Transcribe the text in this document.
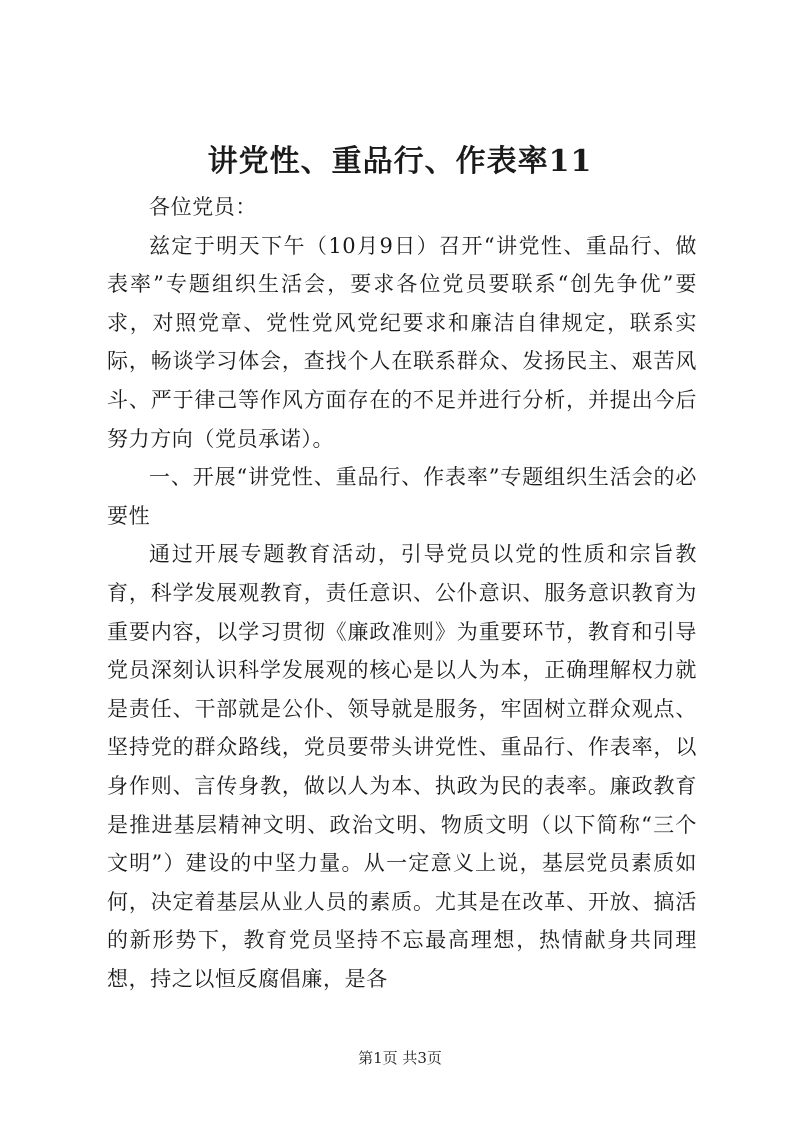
讲党性、重品行、作表率11

各位党员：

兹定于明天下午（10月9日）召开“讲党性、重品行、做表率”专题组织生活会，要求各位党员要联系“创先争优”要求，对照党章、党性党风党纪要求和廉洁自律规定，联系实际，畅谈学习体会，查找个人在联系群众、发扬民主、艰苦风斗、严于律己等作风方面存在的不足并进行分析，并提出今后努力方向（党员承诺）。

一、开展“讲党性、重品行、作表率”专题组织生活会的必要性

通过开展专题教育活动，引导党员以党的性质和宗旨教育，科学发展观教育，责任意识、公仆意识、服务意识教育为重要内容，以学习贯彻《廉政准则》为重要环节，教育和引导党员深刻认识科学发展观的核心是以人为本，正确理解权力就是责任、干部就是公仆、领导就是服务，牢固树立群众观点、坚持党的群众路线，党员要带头讲党性、重品行、作表率，以身作则、言传身教，做以人为本、执政为民的表率。廉政教育是推进基层精神文明、政治文明、物质文明（以下简称“三个文明”）建设的中坚力量。从一定意义上说，基层党员素质如何，决定着基层从业人员的素质。尤其是在改革、开放、搞活的新形势下，教育党员坚持不忘最高理想，热情献身共同理想，持之以恒反腐倡廉，是各

第1页 共3页
